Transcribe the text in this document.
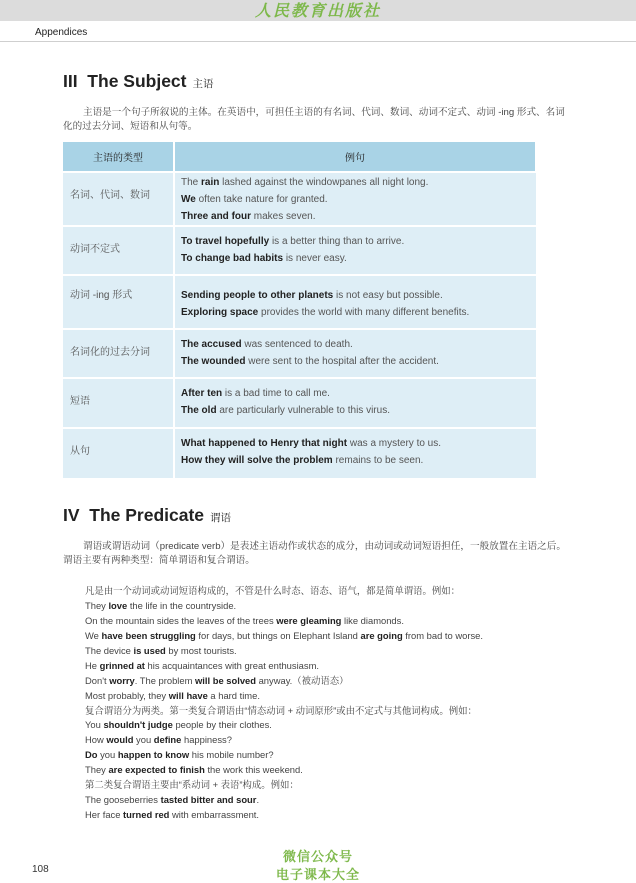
人民教育出版社
Appendices
III  The Subject 主语
主语是一个句子所叙说的主体。在英语中，可担任主语的有名词、代词、数词、动词不定式、动词 -ing 形式、名词化的过去分词、短语和从句等。
主语的类型	例句

名词、代词、数词	The rain lashed against the windowpanes all night long.
We often take nature for granted.
Three and four makes seven.

动词不定式	To travel hopefully is a better thing than to arrive.
To change bad habits is never easy.

动词 -ing 形式	Sending people to other planets is not easy but possible.
Exploring space provides the world with many different benefits.

名词化的过去分词	The accused was sentenced to death.
The wounded were sent to the hospital after the accident.

短语	After ten is a bad time to call me.
The old are particularly vulnerable to this virus.

从句	What happened to Henry that night was a mystery to us.
How they will solve the problem remains to be seen.
IV  The Predicate 谓语
谓语或谓语动词（predicate verb）是表述主语动作或状态的成分，由动词或动词短语担任，一般放置在主语之后。谓语主要有两种类型：简单谓语和复合谓语。
凡是由一个动词或动词短语构成的，不管是什么时态、语态、语气，都是简单谓语。例如：
They love the life in the countryside.
On the mountain sides the leaves of the trees were gleaming like diamonds.
We have been struggling for days, but things on Elephant Island are going from bad to worse.
The device is used by most tourists.
He grinned at his acquaintances with great enthusiasm.
Don't worry. The problem will be solved anyway.（被动语态）
Most probably, they will have a hard time.
复合谓语分为两类。第一类复合谓语由“情态动词 + 动词原形”或由不定式与其他词构成。例如：
You shouldn't judge people by their clothes.
How would you define happiness?
Do you happen to know his mobile number?
They are expected to finish the work this weekend.
第二类复合谓语主要由“系动词 + 表语”构成。例如：
The gooseberries tasted bitter and sour.
Her face turned red with embarrassment.
108
微信公众号
电子课本大全
